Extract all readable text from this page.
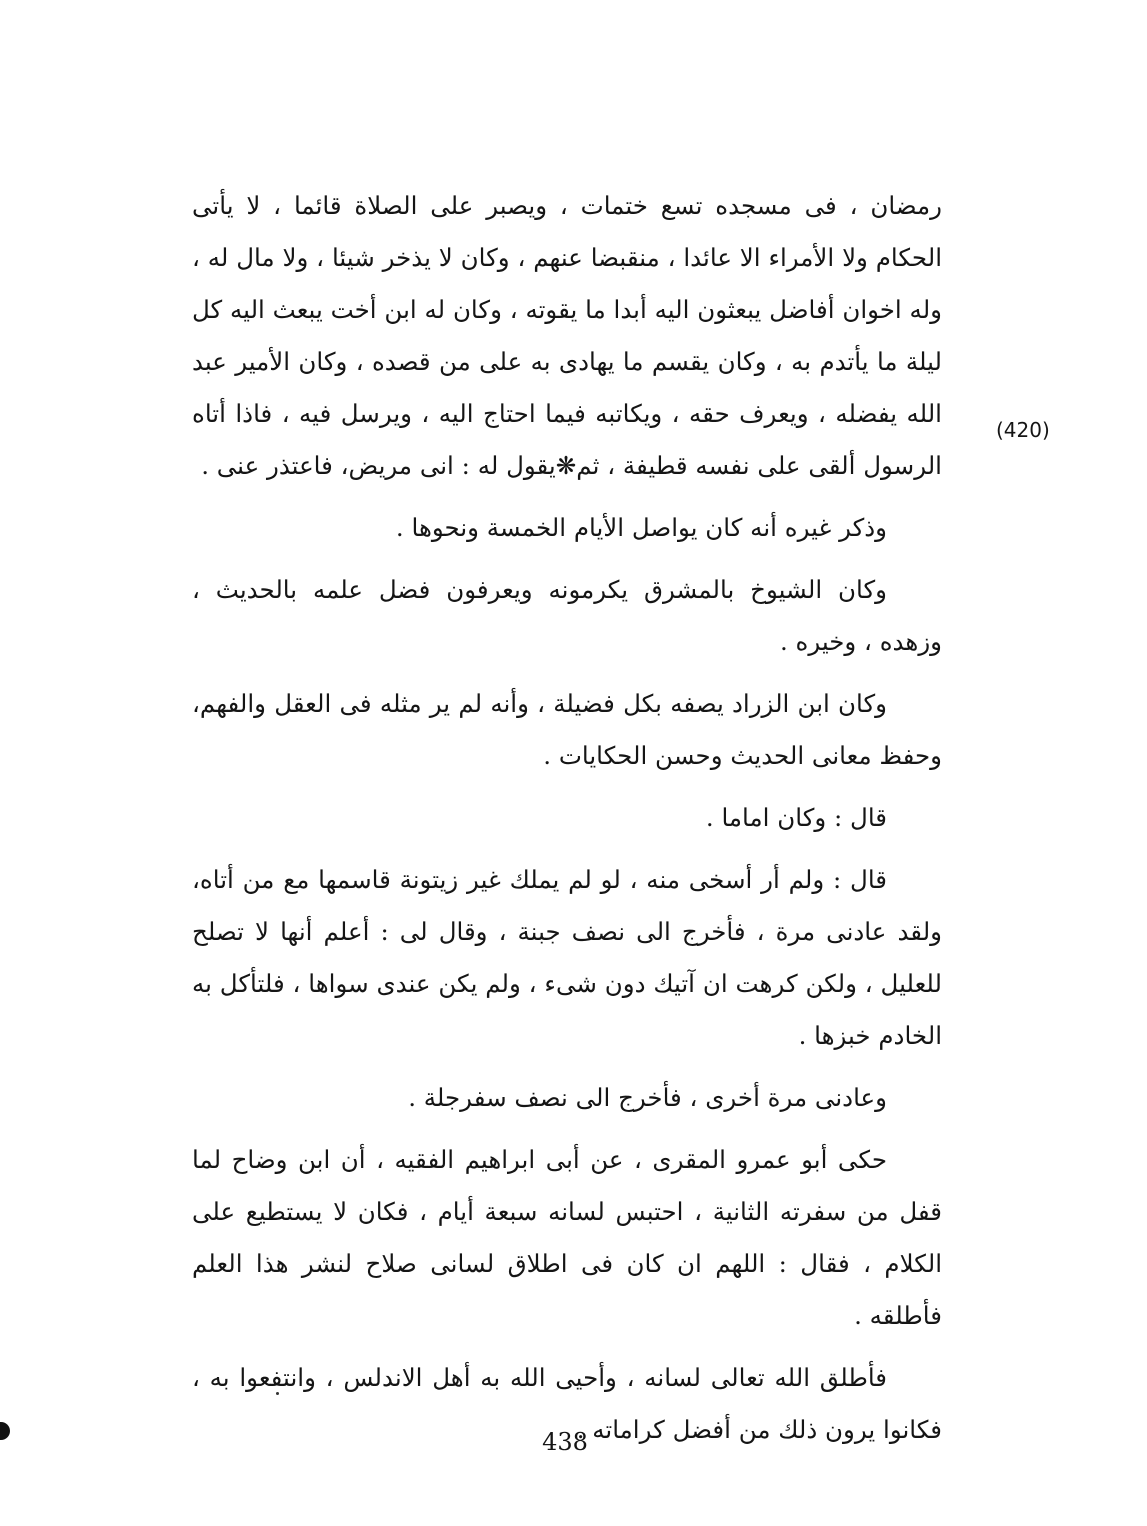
رمضان ، فى مسجده تسع ختمات ، ويصبر على الصلاة قائما ، لا يأتى الحكام ولا الأمراء الا عائدا ، منقبضا عنهم ، وكان لا يذخر شيئا ، ولا مال له ، وله اخوان أفاضل يبعثون اليه أبدا ما يقوته ، وكان له ابن أخت يبعث اليه كل ليلة ما يأتدم به ، وكان يقسم ما يهادى به على من قصده ، وكان الأمير عبد الله يفضله ، ويعرف حقه ، ويكاتبه فيما احتاج اليه ، ويرسل فيه ، فاذا أتاه الرسول ألقى على نفسه قطيفة ، ثم❋يقول له : انى مريض، فاعتذر عنى .

وذكر غيره أنه كان يواصل الأيام الخمسة ونحوها .

وكان الشيوخ بالمشرق يكرمونه ويعرفون فضل علمه بالحديث ، وزهده ، وخيره .

وكان ابن الزراد يصفه بكل فضيلة ، وأنه لم ير مثله فى العقل والفهم، وحفظ معانى الحديث وحسن الحكايات .

قال : وكان اماما .

قال : ولم أر أسخى منه ، لو لم يملك غير زيتونة قاسمها مع من أتاه، ولقد عادنى مرة ، فأخرج الى نصف جبنة ، وقال لى : أعلم أنها لا تصلح للعليل ، ولكن كرهت ان آتيك دون شىء ، ولم يكن عندى سواها ، فلتأكل به الخادم خبزها .

وعادنى مرة أخرى ، فأخرج الى نصف سفرجلة .

حكى أبو عمرو المقرى ، عن أبى ابراهيم الفقيه ، أن ابن وضاح لما قفل من سفرته الثانية ، احتبس لسانه سبعة أيام ، فكان لا يستطيع على الكلام ، فقال : اللهم ان كان فى اطلاق لسانى صلاح لنشر هذا العلم فأطلقه .

فأطلق الله تعالى لسانه ، وأحيى الله به أهل الاندلس ، وانتفعوا به ، فكانوا يرون ذلك من أفضل كراماته .

(420)
438
